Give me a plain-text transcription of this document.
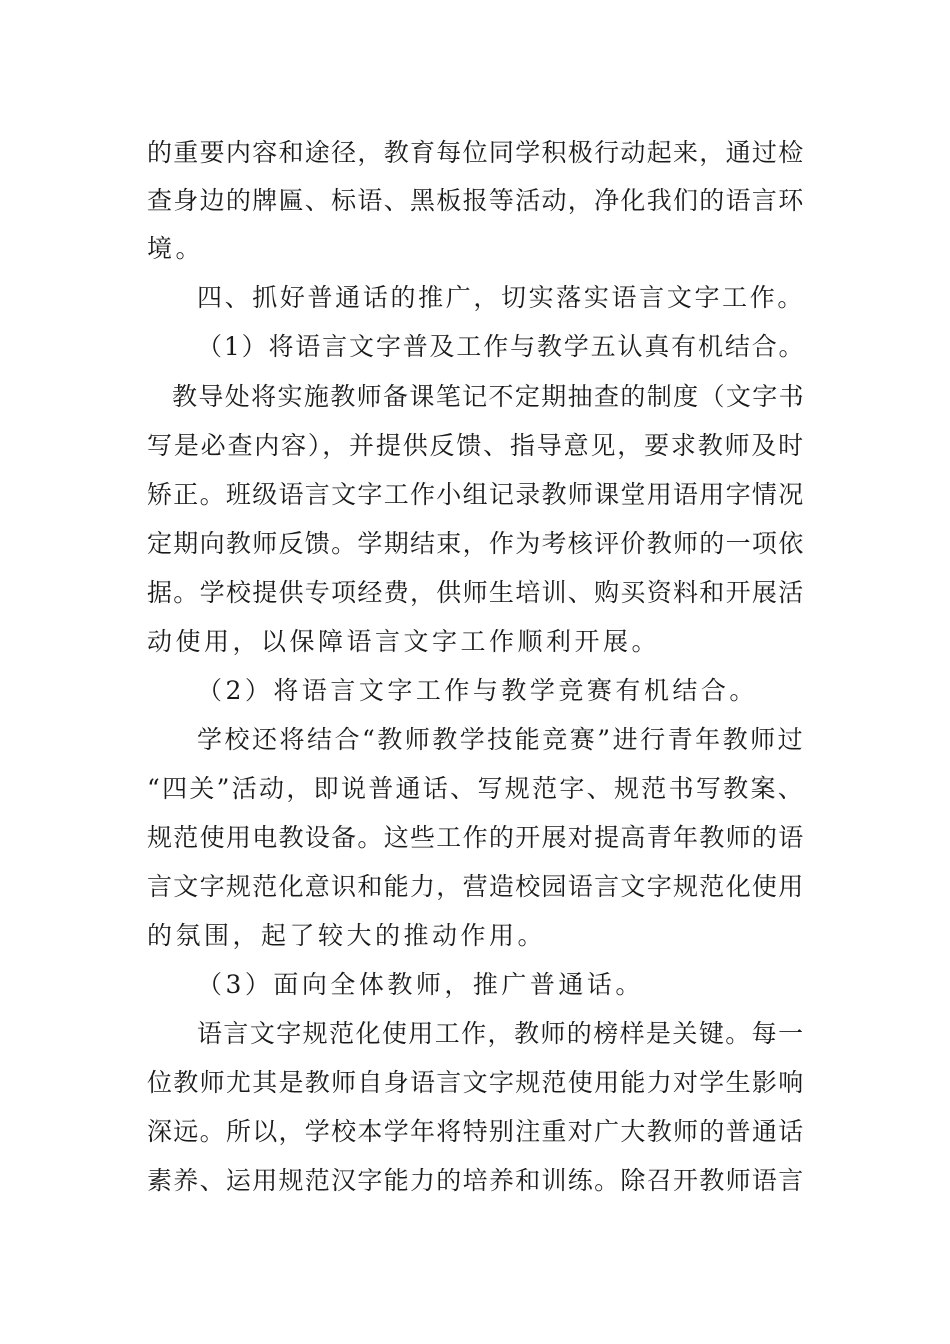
的重要内容和途径，教育每位同学积极行动起来，通过检
查身边的牌匾、标语、黑板报等活动，净化我们的语言环
境。
四、抓好普通话的推广，切实落实语言文字工作。
（1）将语言文字普及工作与教学五认真有机结合。
教导处将实施教师备课笔记不定期抽查的制度（文字书
写是必查内容），并提供反馈、指导意见，要求教师及时
矫正。班级语言文字工作小组记录教师课堂用语用字情况
定期向教师反馈。学期结束，作为考核评价教师的一项依
据。学校提供专项经费，供师生培训、购买资料和开展活
动使用，以保障语言文字工作顺利开展。
（2）将语言文字工作与教学竞赛有机结合。
学校还将结合“教师教学技能竞赛”进行青年教师过
“四关”活动，即说普通话、写规范字、规范书写教案、
规范使用电教设备。这些工作的开展对提高青年教师的语
言文字规范化意识和能力，营造校园语言文字规范化使用
的氛围，起了较大的推动作用。
（3）面向全体教师，推广普通话。
语言文字规范化使用工作，教师的榜样是关键。每一
位教师尤其是教师自身语言文字规范使用能力对学生影响
深远。所以，学校本学年将特别注重对广大教师的普通话
素养、运用规范汉字能力的培养和训练。除召开教师语言
